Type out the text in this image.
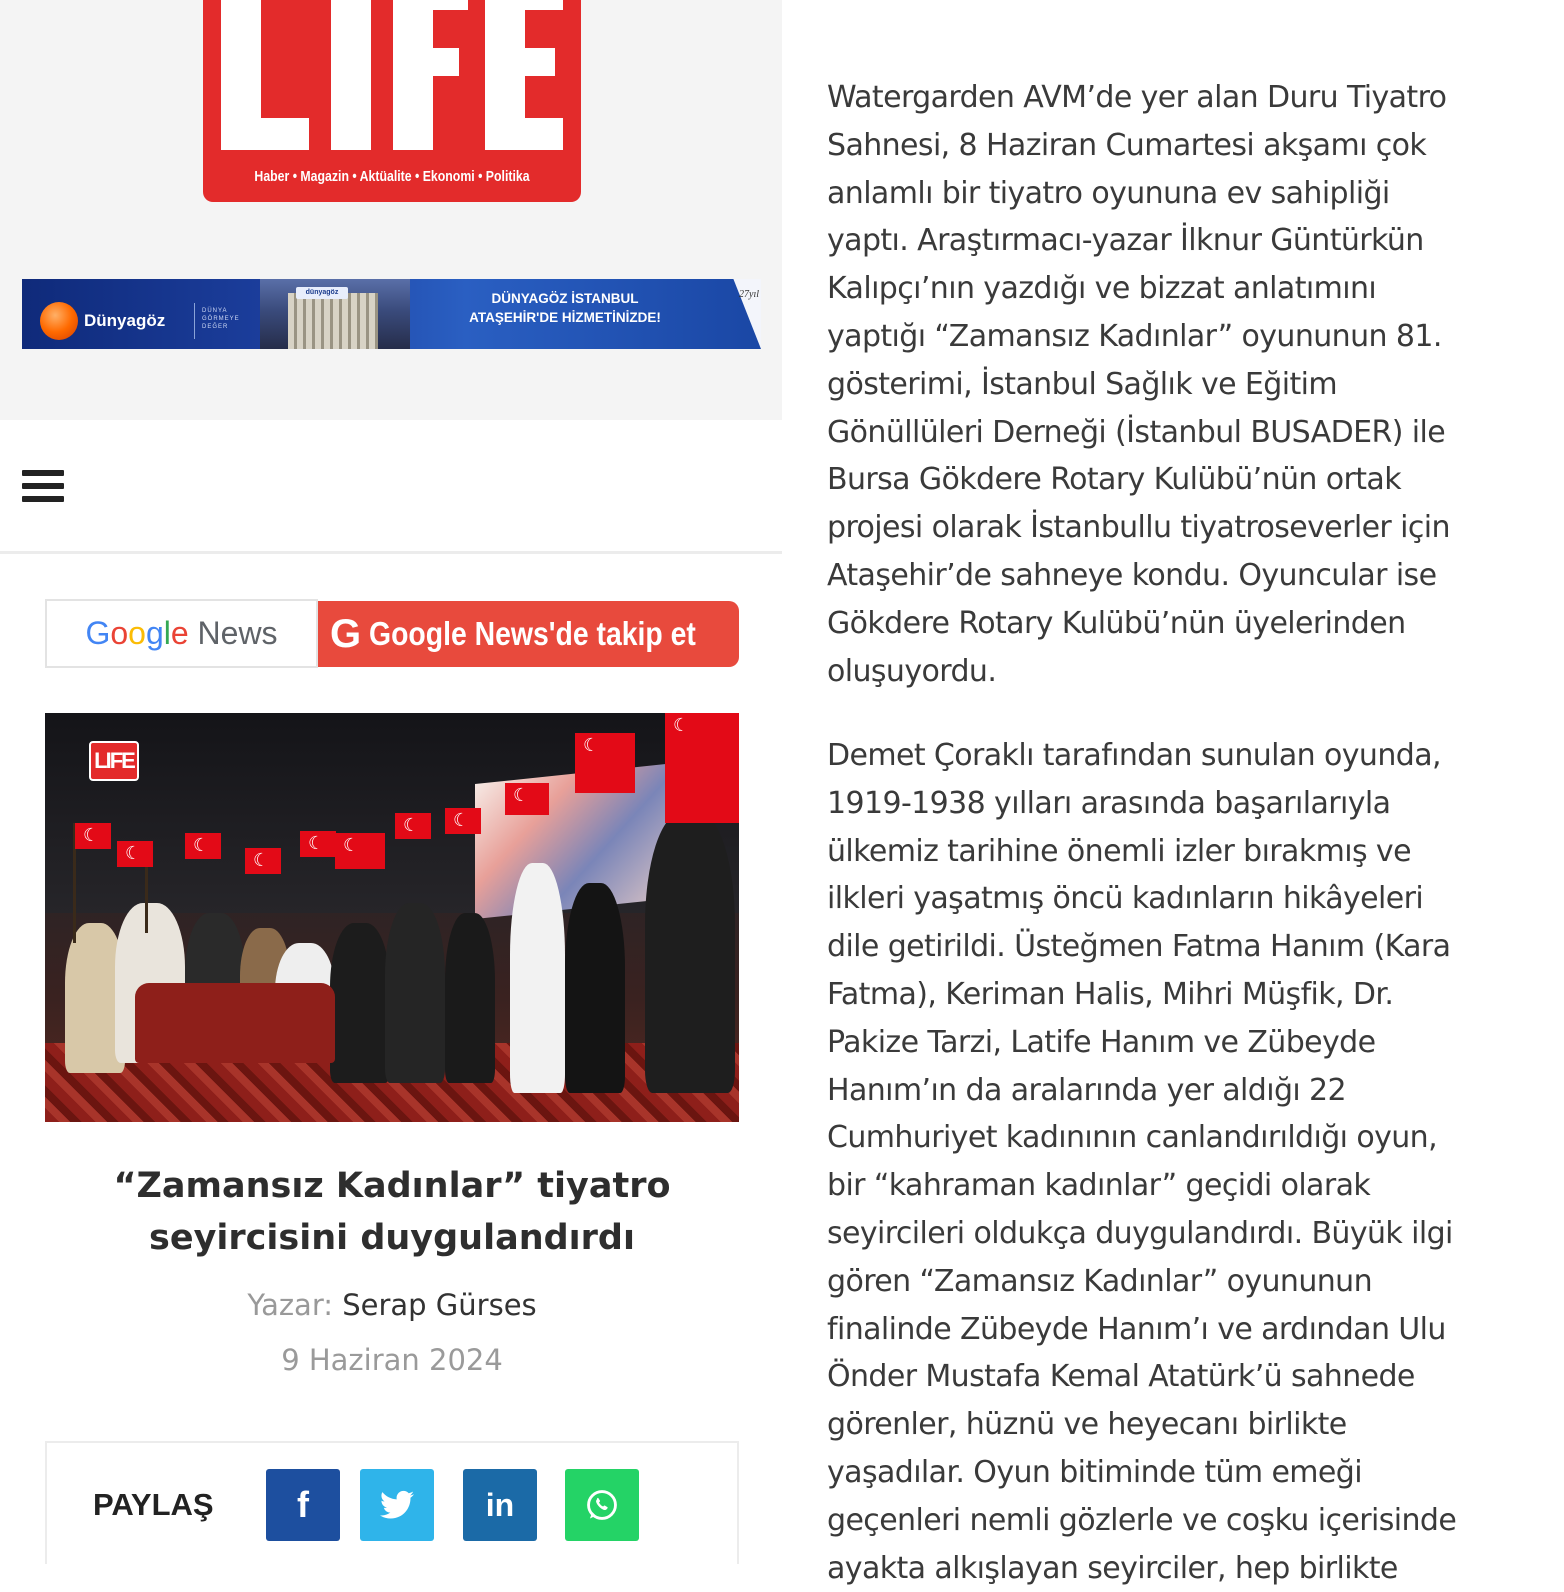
Haber • Magazin • Aktüalite • Ekonomi • Politika
Dünyagöz	DÜNYA GÖRMEYE DEĞER
dünyagöz	DÜNYAGÖZ İSTANBUL
ATAŞEHİR'DE HİZMETİNİZDE!
27yıl
Google News	G Google News'de takip et
☾
☾
☾
☾
☾
☾
☾
☾
☾
☾
☾
LIFE
“Zamansız Kadınlar” tiyatro seyircisini duygulandırdı
Yazar: Serap Gürses
9 Haziran 2024
PAYLAŞ	f	in

Watergarden AVM’de yer alan Duru Tiyatro
Sahnesi, 8 Haziran Cumartesi akşamı çok
anlamlı bir tiyatro oyununa ev sahipliği
yaptı. Araştırmacı-yazar İlknur Güntürkün
Kalıpçı’nın yazdığı ve bizzat anlatımını
yaptığı “Zamansız Kadınlar” oyununun 81.
gösterimi, İstanbul Sağlık ve Eğitim
Gönüllüleri Derneği (İstanbul BUSADER) ile
Bursa Gökdere Rotary Kulübü’nün ortak
projesi olarak İstanbullu tiyatroseverler için
Ataşehir’de sahneye kondu. Oyuncular ise
Gökdere Rotary Kulübü’nün üyelerinden
oluşuyordu.

Demet Çoraklı tarafından sunulan oyunda,
1919-1938 yılları arasında başarılarıyla
ülkemiz tarihine önemli izler bırakmış ve
ilkleri yaşatmış öncü kadınların hikâyeleri
dile getirildi. Üsteğmen Fatma Hanım (Kara
Fatma), Keriman Halis, Mihri Müşfik, Dr.
Pakize Tarzi, Latife Hanım ve Zübeyde
Hanım’ın da aralarında yer aldığı 22
Cumhuriyet kadınının canlandırıldığı oyun,
bir “kahraman kadınlar” geçidi olarak
seyircileri oldukça duygulandırdı. Büyük ilgi
gören “Zamansız Kadınlar” oyununun
finalinde Zübeyde Hanım’ı ve ardından Ulu
Önder Mustafa Kemal Atatürk’ü sahnede
görenler, hüznü ve heyecanı birlikte
yaşadılar. Oyun bitiminde tüm emeği
geçenleri nemli gözlerle ve coşku içerisinde
ayakta alkışlayan seyirciler, hep birlikte
